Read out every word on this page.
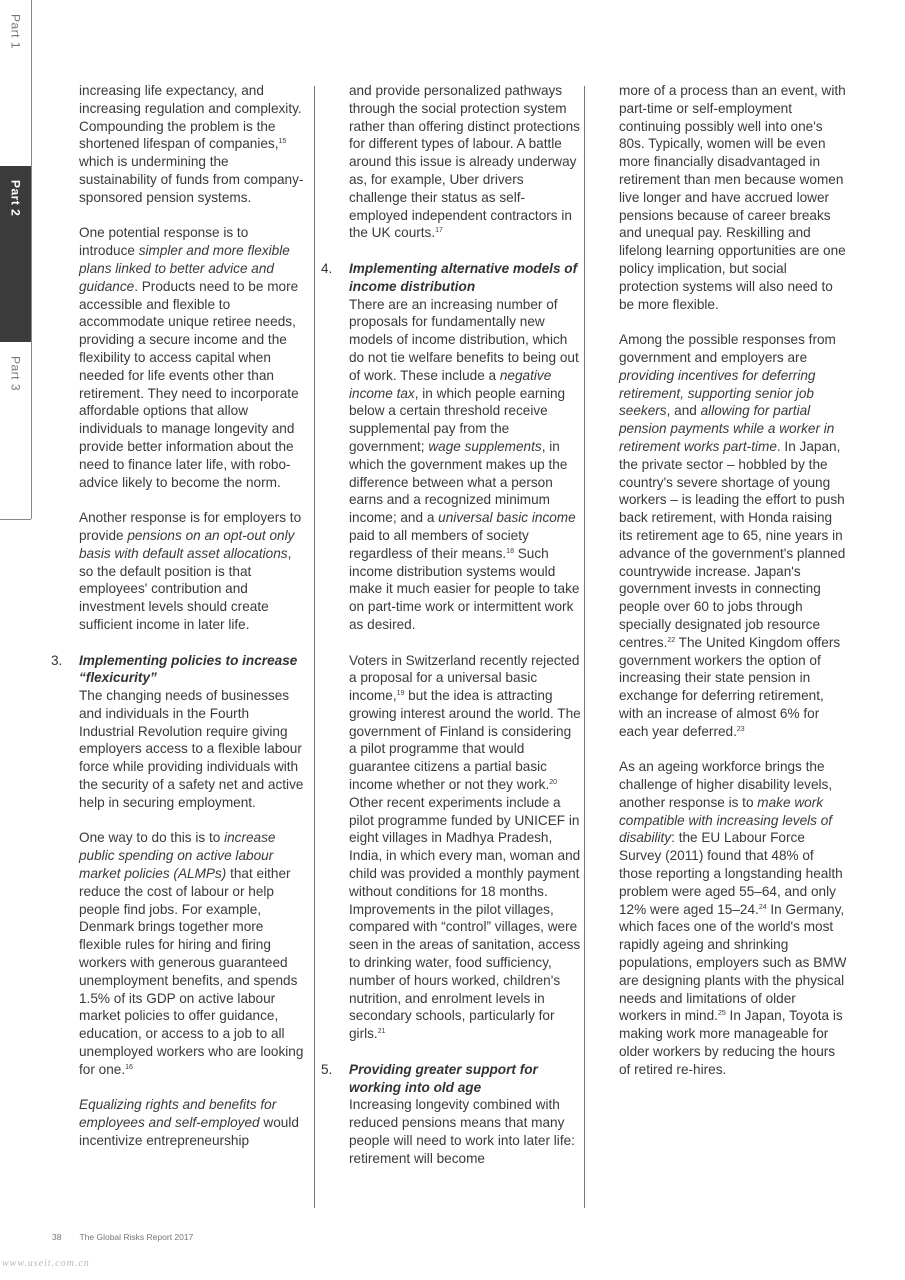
Part 1
Part 2
Part 3

increasing life expectancy, and increasing regulation and complexity. Compounding the problem is the shortened lifespan of companies,$^{15}$ which is undermining the sustainability of funds from company-sponsored pension systems.

One potential response is to introduce simpler and more flexible plans linked to better advice and guidance. Products need to be more accessible and flexible to accommodate unique retiree needs, providing a secure income and the flexibility to access capital when needed for life events other than retirement. They need to incorporate affordable options that allow individuals to manage longevity and provide better information about the need to finance later life, with robo-advice likely to become the norm.

Another response is for employers to provide pensions on an opt-out only basis with default asset allocations, so the default position is that employees' contribution and investment levels should create sufficient income in later life.

3. Implementing policies to increase “flexicurity”

The changing needs of businesses and individuals in the Fourth Industrial Revolution require giving employers access to a flexible labour force while providing individuals with the security of a safety net and active help in securing employment.

One way to do this is to increase public spending on active labour market policies (ALMPs) that either reduce the cost of labour or help people find jobs. For example, Denmark brings together more flexible rules for hiring and firing workers with generous guaranteed unemployment benefits, and spends 1.5% of its GDP on active labour market policies to offer guidance, education, or access to a job to all unemployed workers who are looking for one.$^{16}$

Equalizing rights and benefits for employees and self-employed would incentivize entrepreneurship

and provide personalized pathways through the social protection system rather than offering distinct protections for different types of labour. A battle around this issue is already underway as, for example, Uber drivers challenge their status as self-employed independent contractors in the UK courts.$^{17}$

4. Implementing alternative models of income distribution

There are an increasing number of proposals for fundamentally new models of income distribution, which do not tie welfare benefits to being out of work. These include a negative income tax, in which people earning below a certain threshold receive supplemental pay from the government; wage supplements, in which the government makes up the difference between what a person earns and a recognized minimum income; and a universal basic income paid to all members of society regardless of their means.$^{18}$ Such income distribution systems would make it much easier for people to take on part-time work or intermittent work as desired.

Voters in Switzerland recently rejected a proposal for a universal basic income,$^{19}$ but the idea is attracting growing interest around the world. The government of Finland is considering a pilot programme that would guarantee citizens a partial basic income whether or not they work.$^{20}$ Other recent experiments include a pilot programme funded by UNICEF in eight villages in Madhya Pradesh, India, in which every man, woman and child was provided a monthly payment without conditions for 18 months. Improvements in the pilot villages, compared with “control” villages, were seen in the areas of sanitation, access to drinking water, food sufficiency, number of hours worked, children's nutrition, and enrolment levels in secondary schools, particularly for girls.$^{21}$

5. Providing greater support for working into old age

Increasing longevity combined with reduced pensions means that many people will need to work into later life: retirement will become

more of a process than an event, with part-time or self-employment continuing possibly well into one's 80s. Typically, women will be even more financially disadvantaged in retirement than men because women live longer and have accrued lower pensions because of career breaks and unequal pay. Reskilling and lifelong learning opportunities are one policy implication, but social protection systems will also need to be more flexible.

Among the possible responses from government and employers are providing incentives for deferring retirement, supporting senior job seekers, and allowing for partial pension payments while a worker in retirement works part-time. In Japan, the private sector – hobbled by the country's severe shortage of young workers – is leading the effort to push back retirement, with Honda raising its retirement age to 65, nine years in advance of the government's planned countrywide increase. Japan's government invests in connecting people over 60 to jobs through specially designated job resource centres.$^{22}$ The United Kingdom offers government workers the option of increasing their state pension in exchange for deferring retirement, with an increase of almost 6% for each year deferred.$^{23}$

As an ageing workforce brings the challenge of higher disability levels, another response is to make work compatible with increasing levels of disability: the EU Labour Force Survey (2011) found that 48% of those reporting a longstanding health problem were aged 55–64, and only 12% were aged 15–24.24 In Germany, which faces one of the world's most rapidly ageing and shrinking populations, employers such as BMW are designing plants with the physical needs and limitations of older workers in mind.$^{25}$ In Japan, Toyota is making work more manageable for older workers by reducing the hours of retired re-hires.

38 The Global Risks Report 2017
www.useit.com.cn
